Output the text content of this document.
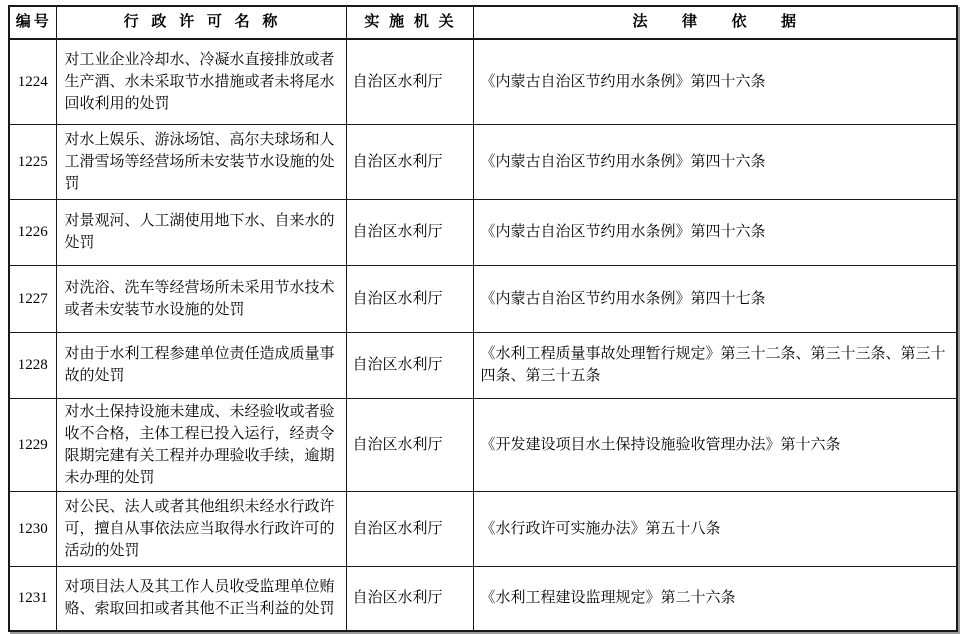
编号	行政许可名称	实施机关	法律依据
1224	对工业企业冷却水、冷凝水直接排放或者生产酒、水未采取节水措施或者未将尾水回收利用的处罚	自治区水利厅	《内蒙古自治区节约用水条例》第四十六条
1225	对水上娱乐、游泳场馆、高尔夫球场和人工滑雪场等经营场所未安装节水设施的处罚	自治区水利厅	《内蒙古自治区节约用水条例》第四十六条
1226	对景观河、人工湖使用地下水、自来水的处罚	自治区水利厅	《内蒙古自治区节约用水条例》第四十六条
1227	对洗浴、洗车等经营场所未采用节水技术或者未安装节水设施的处罚	自治区水利厅	《内蒙古自治区节约用水条例》第四十七条
1228	对由于水利工程参建单位责任造成质量事故的处罚	自治区水利厅	《水利工程质量事故处理暂行规定》第三十二条、第三十三条、第三十四条、第三十五条
1229	对水土保持设施未建成、未经验收或者验收不合格，主体工程已投入运行，经责令限期完建有关工程并办理验收手续，逾期未办理的处罚	自治区水利厅	《开发建设项目水土保持设施验收管理办法》第十六条
1230	对公民、法人或者其他组织未经水行政许可，擅自从事依法应当取得水行政许可的活动的处罚	自治区水利厅	《水行政许可实施办法》第五十八条
1231	对项目法人及其工作人员收受监理单位贿赂、索取回扣或者其他不正当利益的处罚	自治区水利厅	《水利工程建设监理规定》第二十六条
